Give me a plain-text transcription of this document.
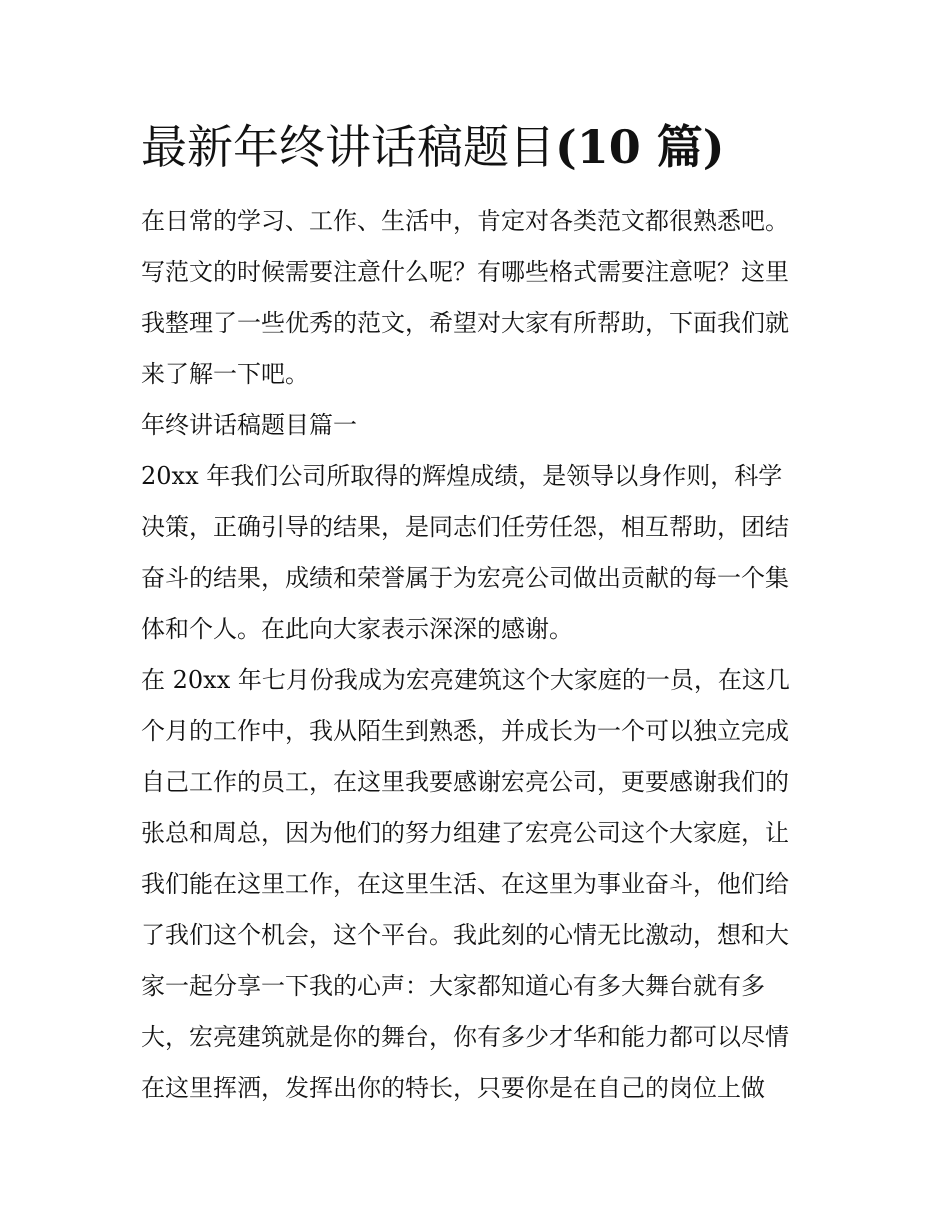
最新年终讲话稿题目(10 篇)

在日常的学习、工作、生活中，肯定对各类范文都很熟悉吧。

写范文的时候需要注意什么呢？有哪些格式需要注意呢？这里

我整理了一些优秀的范文，希望对大家有所帮助，下面我们就

来了解一下吧。

年终讲话稿题目篇一

20xx 年我们公司所取得的辉煌成绩，是领导以身作则，科学

决策，正确引导的结果，是同志们任劳任怨，相互帮助，团结

奋斗的结果，成绩和荣誉属于为宏亮公司做出贡献的每一个集

体和个人。在此向大家表示深深的感谢。

在 20xx 年七月份我成为宏亮建筑这个大家庭的一员，在这几

个月的工作中，我从陌生到熟悉，并成长为一个可以独立完成

自己工作的员工，在这里我要感谢宏亮公司，更要感谢我们的

张总和周总，因为他们的努力组建了宏亮公司这个大家庭，让

我们能在这里工作，在这里生活、在这里为事业奋斗，他们给

了我们这个机会，这个平台。我此刻的心情无比激动，想和大

家一起分享一下我的心声：大家都知道心有多大舞台就有多

大，宏亮建筑就是你的舞台，你有多少才华和能力都可以尽情

在这里挥洒，发挥出你的特长，只要你是在自己的岗位上做
